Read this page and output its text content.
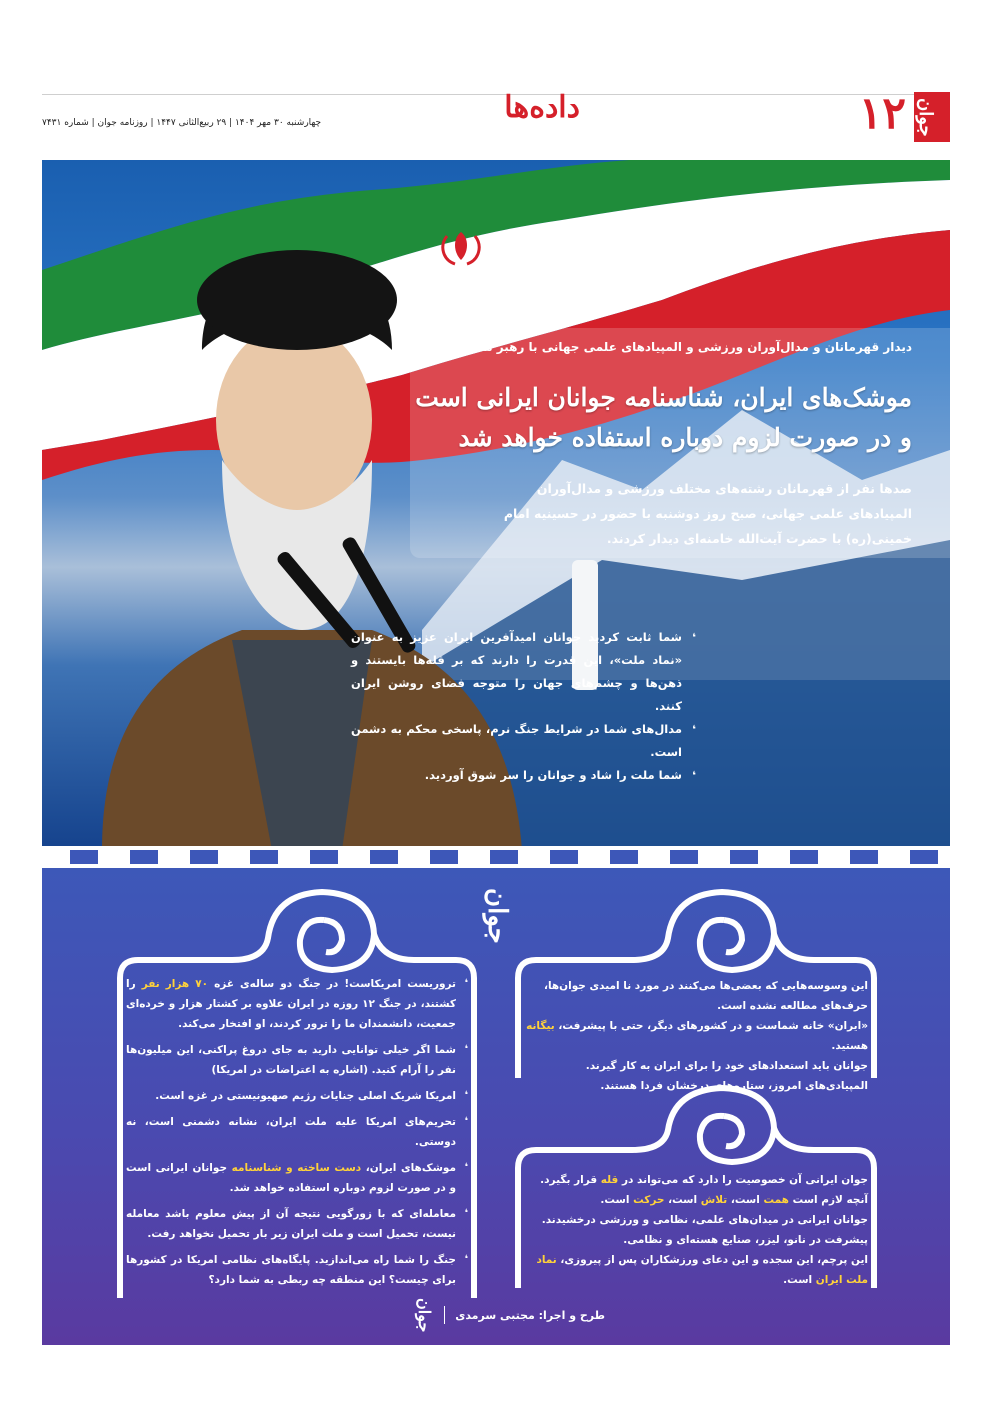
جوان
۱۲
داده‌ها
چهارشنبه ۳۰ مهر ۱۴۰۴ | ۲۹ ربیع‌الثانی ۱۴۴۷ | روزنامه جوان | شماره ۷۴۳۱
دیدار قهرمانان و مدال‌آوران ورزشی و المپیادهای علمی جهانی با رهبر معظم انقلاب
موشک‌های ایران، شناسنامه جوانان ایرانی است
و در صورت لزوم دوباره استفاده خواهد شد

صدها نفر از قهرمانان رشته‌های مختلف ورزشی و مدال‌آوران المپیادهای علمی جهانی، صبح روز دوشنبه با حضور در حسینیه امام خمینی(ره) با حضرت آیت‌الله خامنه‌ای دیدار کردند.

❛ شما ثابت کردید جوانان امیدآفرین ایران عزیز به عنوان «نماد ملت»، این قدرت را دارند که بر قله‌ها بایستند و ذهن‌ها و چشم‌های جهان را متوجه فضای روشن ایران کنند.
❛ مدال‌های شما در شرایط جنگ نرم، پاسخی محکم به دشمن است.
❛ شما ملت را شاد و جوانان را سر شوق آوردید.
جوان
❛ تروریست امریکاست! در جنگ دو ساله‌ی غزه ۷۰ هزار نفر را کشتند، در جنگ ۱۲ روزه در ایران علاوه بر کشتار هزار و خرده‌ای جمعیت، دانشمندان ما را ترور کردند، او افتخار می‌کند.
❛ شما اگر خیلی توانایی دارید به جای دروغ پراکنی، این میلیون‌ها نفر را آرام کنید. (اشاره به اعتراضات در امریکا)
❛ امریکا شریک اصلی جنایات رژیم صهیونیستی در غزه است.
❛ تحریم‌های امریکا علیه ملت ایران، نشانه دشمنی است، نه دوستی.
❛ موشک‌های ایران، دست ساخته و شناسنامه جوانان ایرانی است و در صورت لزوم دوباره استفاده خواهد شد.
❛ معامله‌ای که با زورگویی نتیجه آن از پیش معلوم باشد معامله نیست، تحمیل است و ملت ایران زیر بار تحمیل نخواهد رفت.
❛ جنگ را شما راه می‌اندازید. پایگاه‌های نظامی امریکا در کشورها برای چیست؟ این منطقه چه ربطی به شما دارد؟

این وسوسه‌هایی که بعضی‌ها می‌کنند در مورد نا امیدی جوان‌ها، حرف‌های مطالعه نشده است.

«ایران» خانه شماست و در کشورهای دیگر، حتی با پیشرفت، بیگانه هستید.

جوانان باید استعدادهای خود را برای ایران به کار گیرند.

المپیادی‌های امروز، ستاره‌های درخشان فردا هستند.

جوان ایرانی آن خصوصیت را دارد که می‌تواند در قله قرار بگیرد.

آنچه لازم است همت است، تلاش است، حرکت است.

جوانان ایرانی در میدان‌های علمی، نظامی و ورزشی درخشیدند.

پیشرفت در نانو، لیزر، صنایع هسته‌ای و نظامی.

این پرچم، این سجده و این دعای ورزشکاران پس از پیروزی، نماد ملت ایران است.

طرح و اجرا: مجتبی سرمدی
جوان
